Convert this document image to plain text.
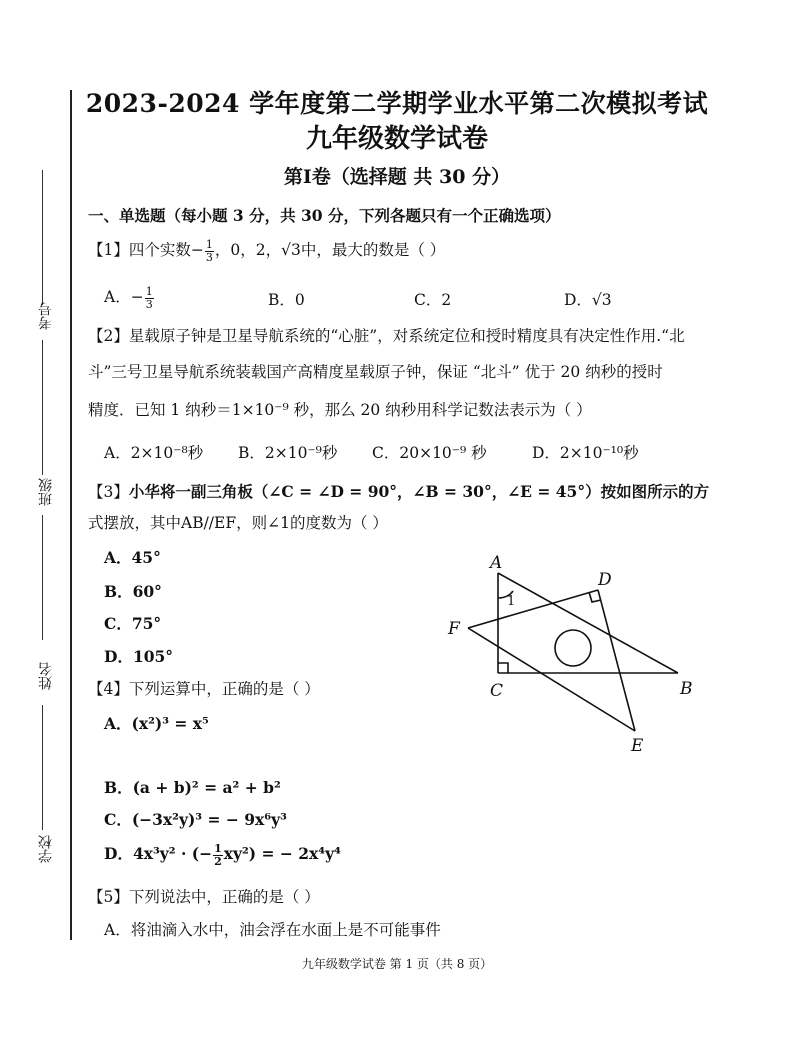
考号
班级
姓名
学校
2023-2024 学年度第二学期学业水平第二次模拟考试
九年级数学试卷
第Ⅰ卷（选择题 共 30 分）
一、单选题（每小题 3 分，共 30 分，下列各题只有一个正确选项）
【1】四个实数− $\frac{1}{3}$ ，0，2，√3中，最大的数是（ ）
A．− $\frac{1}{3}$	B．0	C．2	D．√3
【2】星载原子钟是卫星导航系统的“心脏”，对系统定位和授时精度具有决定性作用.“北
斗”三号卫星导航系统装载国产高精度星载原子钟，保证 “北斗” 优于 20 纳秒的授时
精度．已知 1 纳秒＝1×10⁻⁹ 秒，那么 20 纳秒用科学记数法表示为（ ）
A．2×10⁻⁸秒 B．2×10⁻⁹秒 C．20×10⁻⁹ 秒	D．2×10⁻¹⁰秒
【3】小华将一副三角板（∠C = ∠D = 90°，∠B = 30°，∠E = 45°）按如图所示的方
式摆放，其中AB//EF，则∠1的度数为（ ）
A．45°
B．60°
C．75°
D．105°
A
B
C
D
E
F
1
【4】下列运算中，正确的是（ ）
A．(x²)³ = x⁵
B．(a + b)² = a² + b²
C．(−3x²y)³ = − 9x⁶y³
D．4x³y² · (− $\frac{1}{2} xy^2$) = − 2x⁴y⁴
【5】下列说法中，正确的是（ ）
A．将油滴入水中，油会浮在水面上是不可能事件
九年级数学试卷 第 1 页（共 8 页）
